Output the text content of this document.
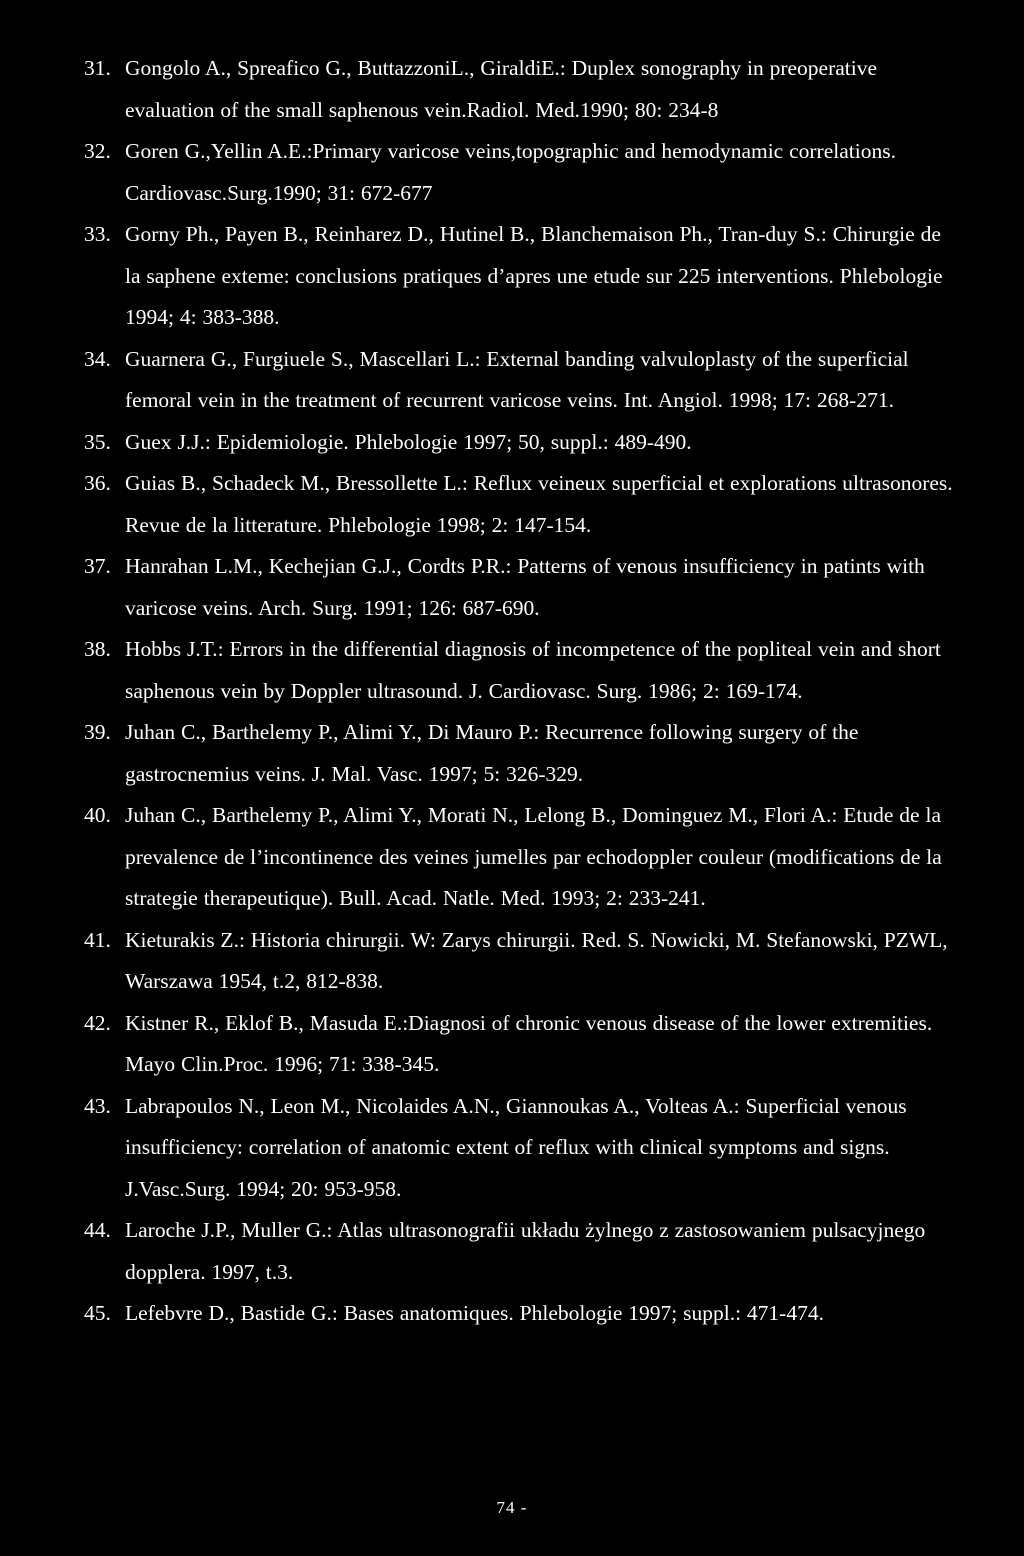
31. Gongolo A., Spreafico G., ButtazzoniL., GiraldiE.: Duplex sonography in preoperative evaluation of the small saphenous vein.Radiol. Med.1990; 80: 234-8
32. Goren G.,Yellin A.E.:Primary varicose veins,topographic and hemodynamic correlations. Cardiovasc.Surg.1990; 31: 672-677
33. Gorny Ph., Payen B., Reinharez D., Hutinel B., Blanchemaison Ph., Tran-duy S.: Chirurgie de la saphene exteme: conclusions pratiques d’apres une etude sur 225 interventions. Phlebologie 1994; 4: 383-388.
34. Guarnera G., Furgiuele S., Mascellari L.: External banding valvuloplasty of the superficial femoral vein in the treatment of recurrent varicose veins. Int. Angiol. 1998; 17: 268-271.
35. Guex J.J.: Epidemiologie. Phlebologie 1997; 50, suppl.: 489-490.
36. Guias B., Schadeck M., Bressollette L.: Reflux veineux superficial et explorations ultrasonores. Revue de la litterature. Phlebologie 1998; 2: 147-154.
37. Hanrahan L.M., Kechejian G.J., Cordts P.R.: Patterns of venous insufficiency in patints with varicose veins. Arch. Surg. 1991; 126: 687-690.
38. Hobbs J.T.: Errors in the differential diagnosis of incompetence of the popliteal vein and short saphenous vein by Doppler ultrasound. J. Cardiovasc. Surg. 1986; 2: 169-174.
39. Juhan C., Barthelemy P., Alimi Y., Di Mauro P.: Recurrence following surgery of the gastrocnemius veins. J. Mal. Vasc. 1997; 5: 326-329.
40. Juhan C., Barthelemy P., Alimi Y., Morati N., Lelong B., Dominguez M., Flori A.: Etude de la prevalence de l’incontinence des veines jumelles par echodoppler couleur (modifications de la strategie therapeutique). Bull. Acad. Natle. Med. 1993; 2: 233-241.
41. Kieturakis Z.: Historia chirurgii. W: Zarys chirurgii. Red. S. Nowicki, M. Stefanowski, PZWL, Warszawa 1954, t.2, 812-838.
42. Kistner R., Eklof B., Masuda E.:Diagnosi of chronic venous disease of the lower extremities. Mayo Clin.Proc. 1996; 71: 338-345.
43. Labrapoulos N., Leon M., Nicolaides A.N., Giannoukas A., Volteas A.: Superficial venous insufficiency: correlation of anatomic extent of reflux with clinical symptoms and signs. J.Vasc.Surg. 1994; 20: 953-958.
44. Laroche J.P., Muller G.: Atlas ultrasonografii układu żylnego z zastosowaniem pulsacyjnego dopplera. 1997, t.3.
45. Lefebvre D., Bastide G.: Bases anatomiques. Phlebologie 1997; suppl.: 471-474.
74 -
